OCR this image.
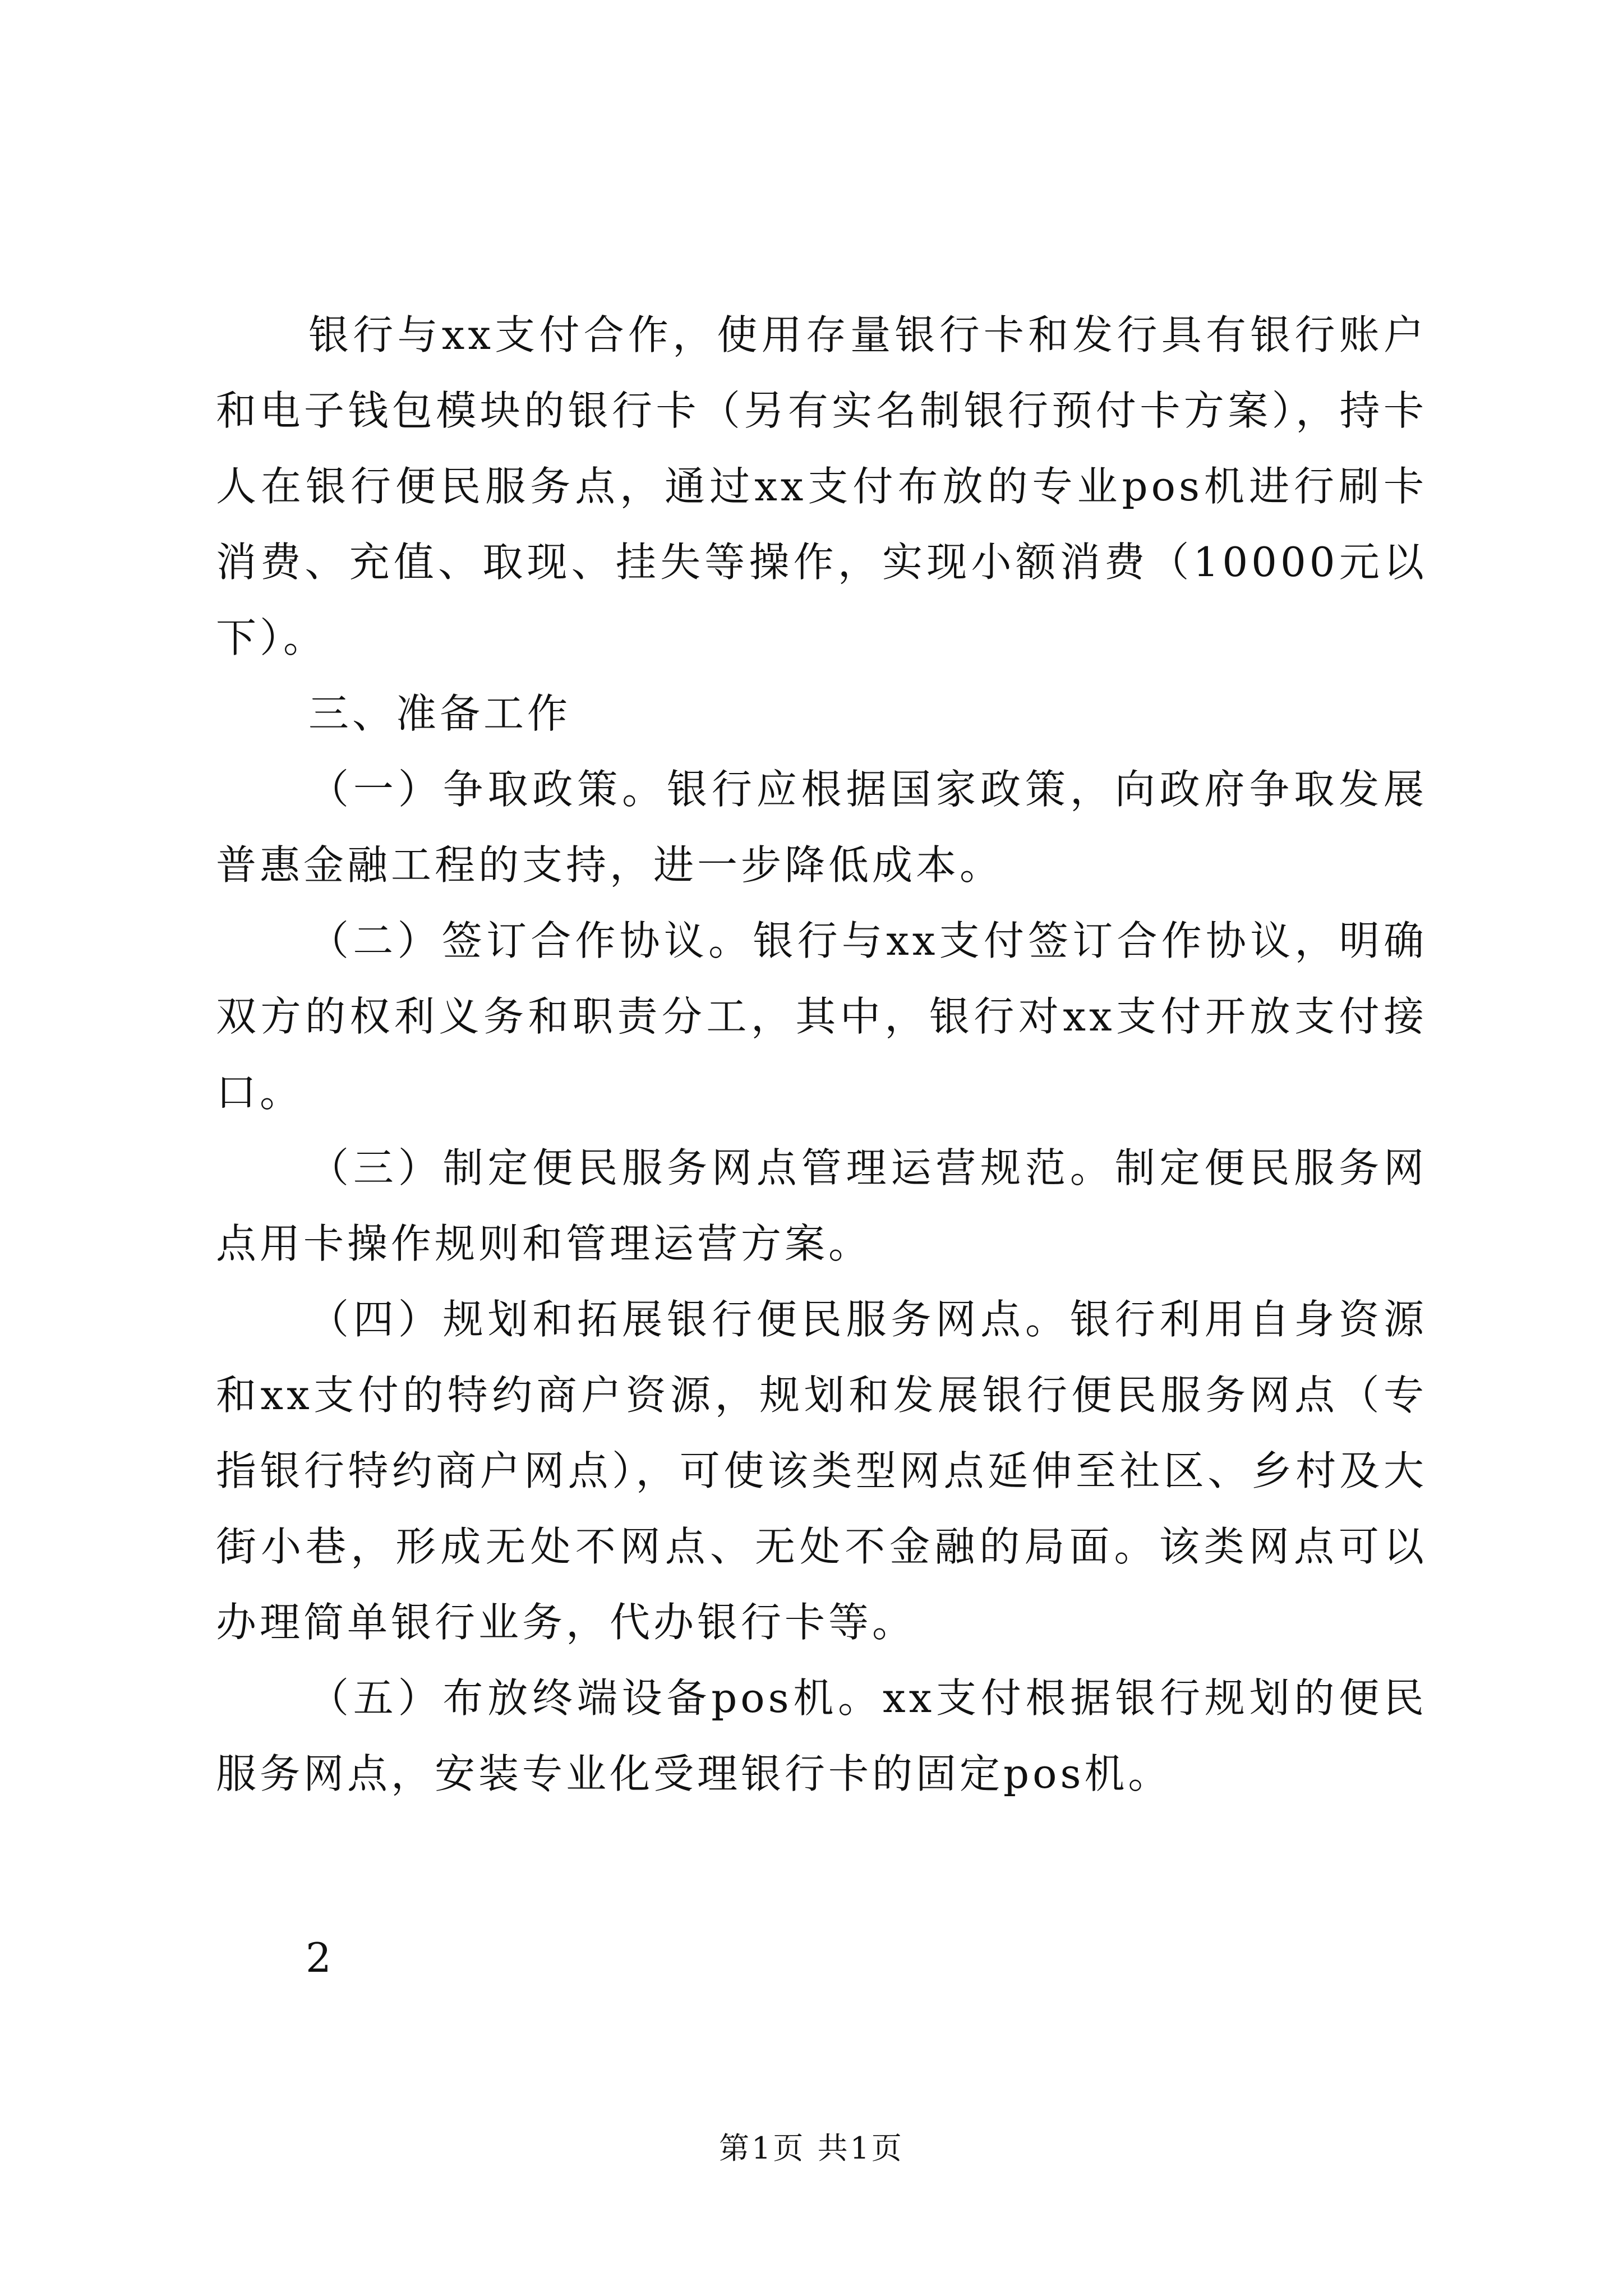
银行与xx支付合作，使用存量银行卡和发行具有银行账户和电子钱包模块的银行卡（另有实名制银行预付卡方案），持卡人在银行便民服务点，通过xx支付布放的专业pos机进行刷卡消费、充值、取现、挂失等操作，实现小额消费（10000元以下）。

三、准备工作

（一）争取政策。银行应根据国家政策，向政府争取发展普惠金融工程的支持，进一步降低成本。

（二）签订合作协议。银行与xx支付签订合作协议，明确双方的权利义务和职责分工，其中，银行对xx支付开放支付接口。

（三）制定便民服务网点管理运营规范。制定便民服务网点用卡操作规则和管理运营方案。

（四）规划和拓展银行便民服务网点。银行利用自身资源和xx支付的特约商户资源，规划和发展银行便民服务网点（专指银行特约商户网点），可使该类型网点延伸至社区、乡村及大街小巷，形成无处不网点、无处不金融的局面。该类网点可以办理简单银行业务，代办银行卡等。

（五）布放终端设备pos机。xx支付根据银行规划的便民服务网点，安装专业化受理银行卡的固定pos机。

2
第1页 共1页
